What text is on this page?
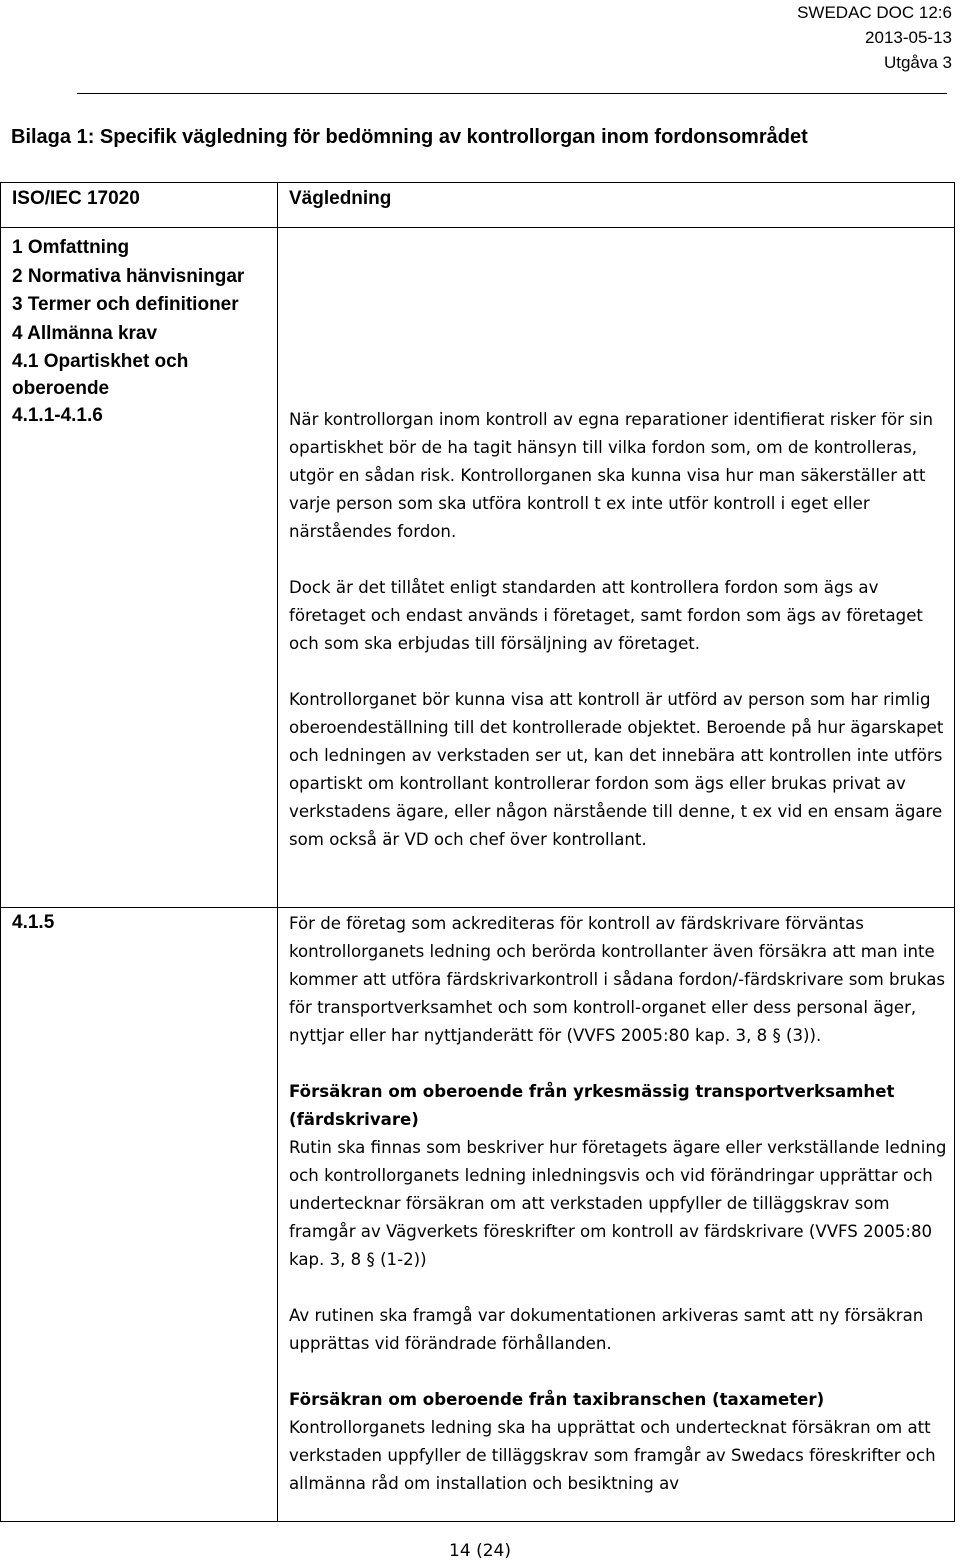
SWEDAC DOC 12:6
2013-05-13
Utgåva 3
Bilaga 1: Specifik vägledning för bedömning av kontrollorgan inom fordonsområdet
ISO/IEC 17020	Vägledning
1 Omfattning
2 Normativa hänvisningar
3 Termer och definitioner
4 Allmänna krav
4.1 Opartiskhet och
oberoende
4.1.1-4.1.6	När kontrollorgan inom kontroll av egna reparationer identifierat risker för sin opartiskhet bör de ha tagit hänsyn till vilka fordon som, om de kontrolleras, utgör en sådan risk. Kontrollorganen ska kunna visa hur man säkerställer att varje person som ska utföra kontroll t ex inte utför kontroll i eget eller närståendes fordon.

Dock är det tillåtet enligt standarden att kontrollera fordon som ägs av företaget och endast används i företaget, samt fordon som ägs av företaget och som ska erbjudas till försäljning av företaget.

Kontrollorganet bör kunna visa att kontroll är utförd av person som har rimlig oberoendeställning till det kontrollerade objektet. Beroende på hur ägarskapet och ledningen av verkstaden ser ut, kan det innebära att kontrollen inte utförs opartiskt om kontrollant kontrollerar fordon som ägs eller brukas privat av verkstadens ägare, eller någon närstående till denne, t ex vid en ensam ägare som också är VD och chef över kontrollant.

4.1.5	För de företag som ackrediteras för kontroll av färdskrivare förväntas kontrollorganets ledning och berörda kontrollanter även försäkra att man inte kommer att utföra färdskrivarkontroll i sådana fordon/-färdskrivare som brukas för transportverksamhet och som kontroll-organet eller dess personal äger, nyttjar eller har nyttjanderätt för (VVFS 2005:80 kap. 3, 8 § (3)).

Försäkran om oberoende från yrkesmässig transportverksamhet (färdskrivare)

Rutin ska finnas som beskriver hur företagets ägare eller verkställande ledning och kontrollorganets ledning inledningsvis och vid förändringar upprättar och undertecknar försäkran om att verkstaden uppfyller de tilläggskrav som framgår av Vägverkets föreskrifter om kontroll av färdskrivare (VVFS 2005:80 kap. 3, 8 § (1-2))

Av rutinen ska framgå var dokumentationen arkiveras samt att ny försäkran upprättas vid förändrade förhållanden.

Försäkran om oberoende från taxibranschen (taxameter)

Kontrollorganets ledning ska ha upprättat och undertecknat försäkran om att verkstaden uppfyller de tilläggskrav som framgår av Swedacs föreskrifter och allmänna råd om installation och besiktning av

14 (24)
